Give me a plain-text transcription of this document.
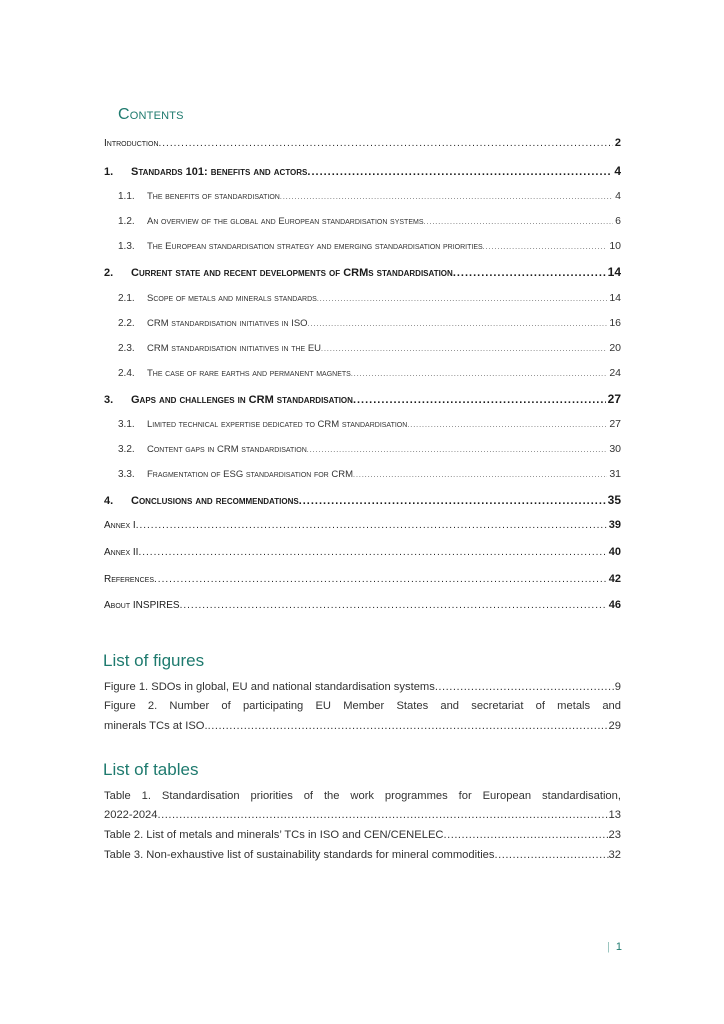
Contents
Introduction .....	2
1.	Standards 101: benefits and actors .....	4
1.1.	The benefits of standardisation .....	4
1.2.	An overview of the global and European standardisation systems .....	6
1.3.	The European standardisation strategy and emerging standardisation priorities .....	10
2.	Current state and recent developments of CRMs standardisation .....	14
2.1.	Scope of metals and minerals standards .....	14
2.2.	CRM standardisation initiatives in ISO .....	16
2.3.	CRM standardisation initiatives in the EU .....	20
2.4.	The case of rare earths and permanent magnets .....	24
3.	Gaps and challenges in CRM standardisation .....	27
3.1.	Limited technical expertise dedicated to CRM standardisation .....	27
3.2.	Content gaps in CRM standardisation .....	30
3.3.	Fragmentation of ESG standardisation for CRM .....	31
4.	Conclusions and recommendations .....	35
Annex I .....	39
Annex II .....	40
References .....	42
About INSPIRES .....	46
List of figures
Figure 1. SDOs in global, EU and national standardisation systems .....	9
Figure 2. Number of participating EU Member States and secretariat of metals and
minerals TCs at ISO. .....	29
List of tables
Table 1. Standardisation priorities of the work programmes for European standardisation,
2022-2024 .....	13
Table 2. List of metals and minerals’ TCs in ISO and CEN/CENELEC .....	23
Table 3. Non-exhaustive list of sustainability standards for mineral commodities .....	32
| 1
